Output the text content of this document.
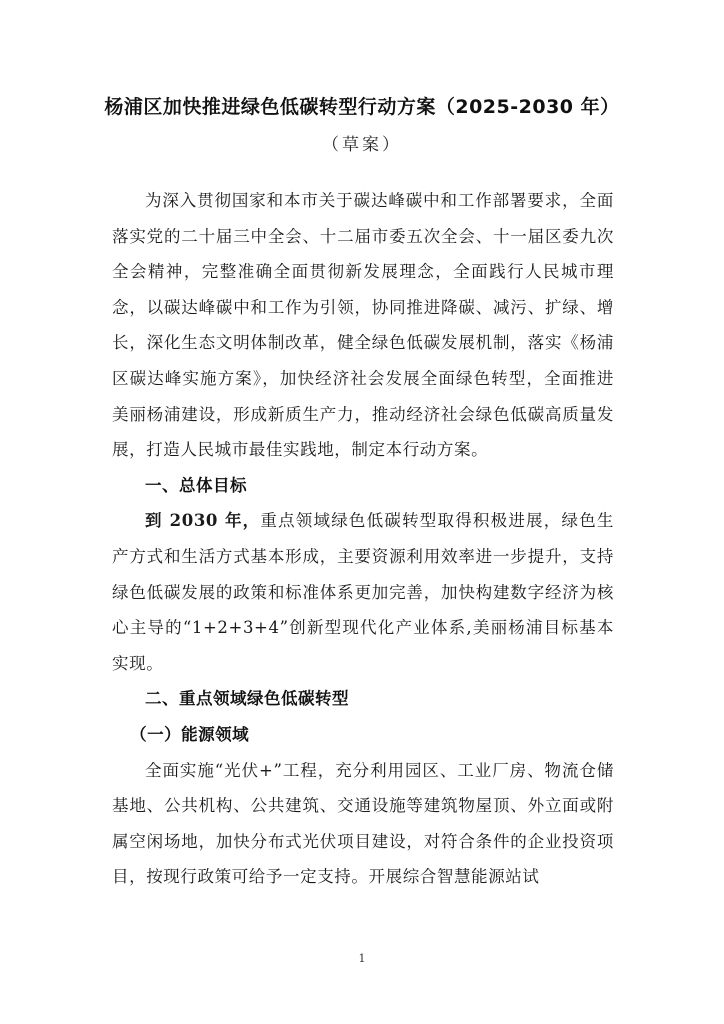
杨浦区加快推进绿色低碳转型行动方案（2025-2030 年）
（草案）

为深入贯彻国家和本市关于碳达峰碳中和工作部署要求，全面落实党的二十届三中全会、十二届市委五次全会、十一届区委九次全会精神，完整准确全面贯彻新发展理念，全面践行人民城市理念，以碳达峰碳中和工作为引领，协同推进降碳、减污、扩绿、增长，深化生态文明体制改革，健全绿色低碳发展机制，落实《杨浦区碳达峰实施方案》，加快经济社会发展全面绿色转型，全面推进美丽杨浦建设，形成新质生产力，推动经济社会绿色低碳高质量发展，打造人民城市最佳实践地，制定本行动方案。

一、总体目标

到 2030 年，重点领域绿色低碳转型取得积极进展，绿色生产方式和生活方式基本形成，主要资源利用效率进一步提升，支持绿色低碳发展的政策和标准体系更加完善，加快构建数字经济为核心主导的“1+2+3+4”创新型现代化产业体系,美丽杨浦目标基本实现。

二、重点领域绿色低碳转型
（一）能源领域

全面实施“光伏+”工程，充分利用园区、工业厂房、物流仓储基地、公共机构、公共建筑、交通设施等建筑物屋顶、外立面或附属空闲场地，加快分布式光伏项目建设，对符合条件的企业投资项目，按现行政策可给予一定支持。开展综合智慧能源站试

1
